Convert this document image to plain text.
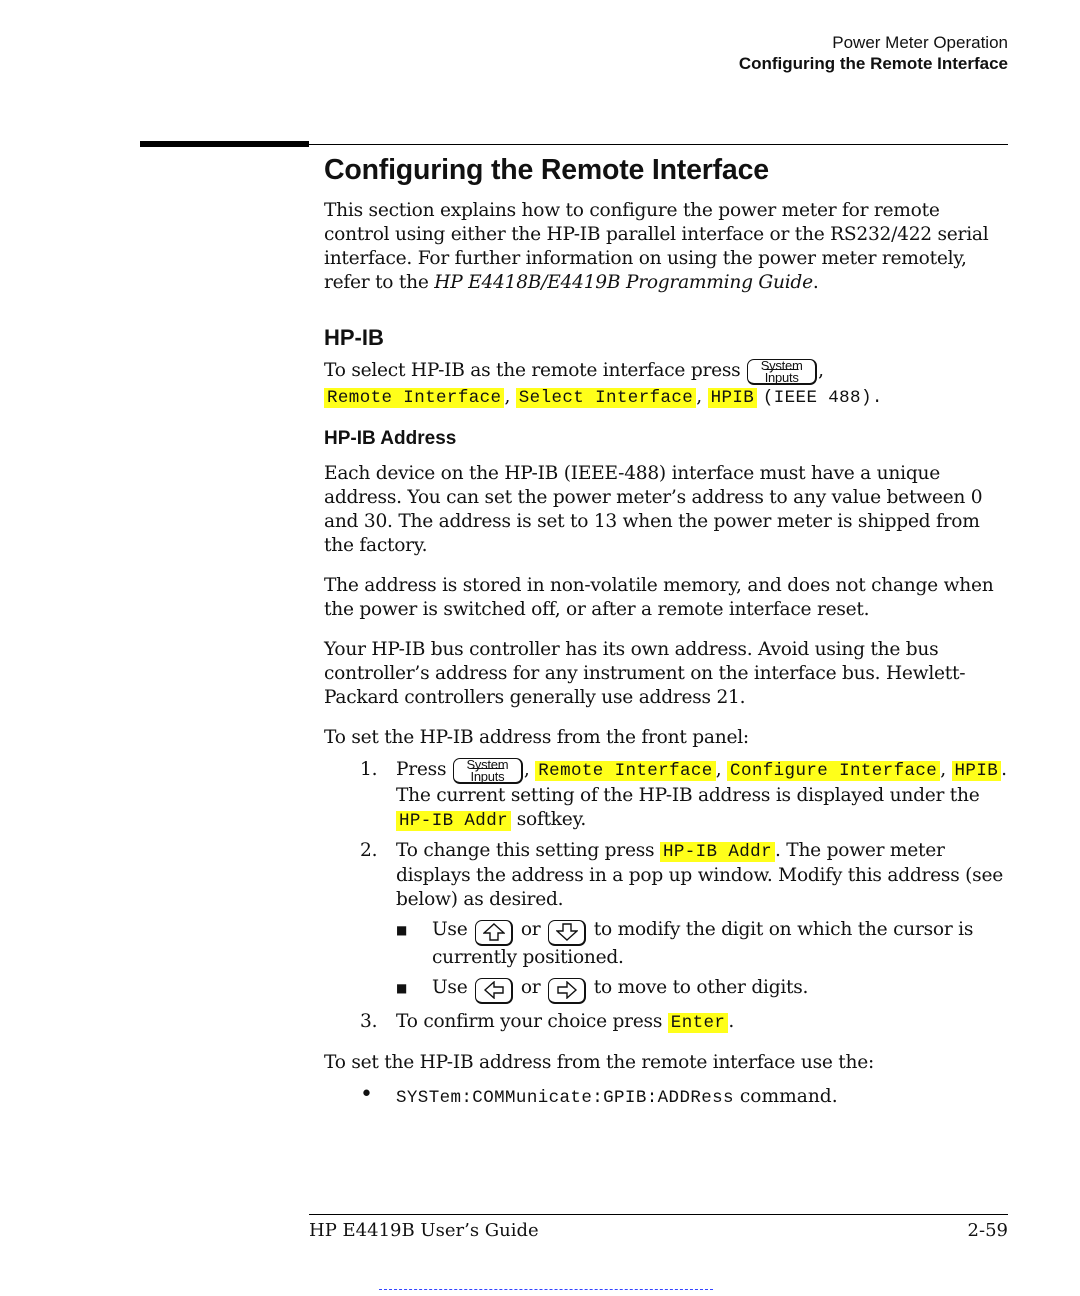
Power Meter Operation
Configuring the Remote Interface
Configuring the Remote Interface

This section explains how to configure the power meter for remote control using either the HP-IB parallel interface or the RS232/422 serial interface. For further information on using the power meter remotely, refer to the HP E4418B/E4419B Programming Guide.

HP-IB

To select HP-IB as the remote interface press	System
Inputs	,
Remote Interface , Select Interface , HPIB (IEEE 488).

HP-IB Address

Each device on the HP-IB (IEEE-488) interface must have a unique address. You can set the power meter’s address to any value between 0 and 30. The address is set to 13 when the power meter is shipped from the factory.

The address is stored in non-volatile memory, and does not change when the power is switched off, or after a remote interface reset.

Your HP-IB bus controller has its own address. Avoid using the bus controller’s address for any instrument on the interface bus. Hewlett-Packard controllers generally use address 21.

To set the HP-IB address from the front panel:

1. Press	System
Inputs	, Remote Interface , Configure Interface , HPIB . The current setting of the HP-IB address is displayed under the HP-IB Addr softkey.
2. To change this setting press HP-IB Addr . The power meter displays the address in a pop up window. Modify this address (see below) as desired.
■ Use	or	to modify the digit on which the cursor is currently positioned.
■ Use	or	to move to other digits.
3. To confirm your choice press Enter .

To set the HP-IB address from the remote interface use the:

• SYSTem:COMMunicate:GPIB:ADDRess command.
HP E4419B User’s Guide	2-59
